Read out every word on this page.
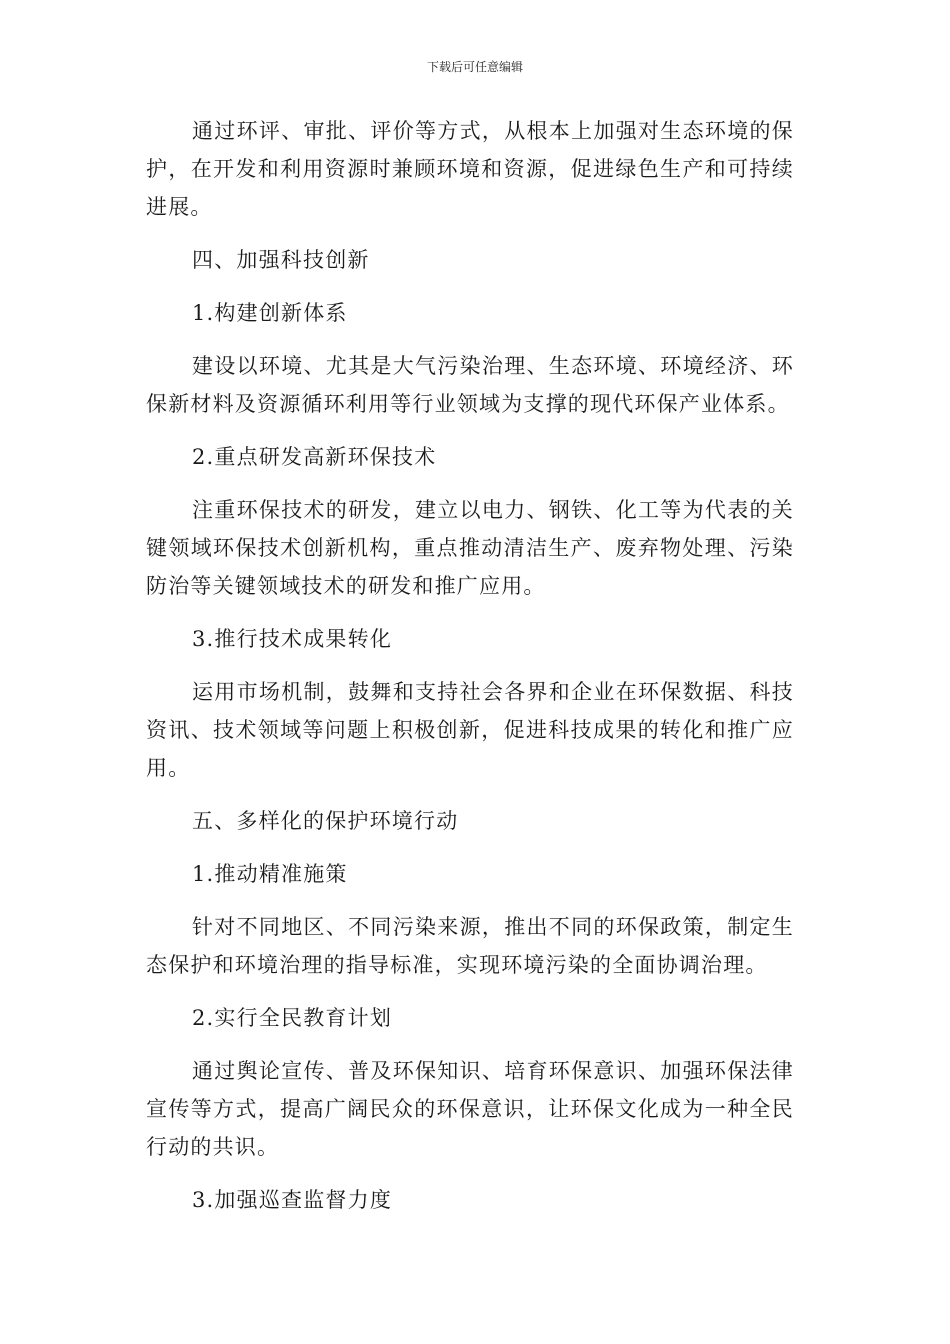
下载后可任意编辑

通过环评、审批、评价等方式，从根本上加强对生态环境的保护，在开发和利用资源时兼顾环境和资源，促进绿色生产和可持续进展。

四、加强科技创新

1.构建创新体系

建设以环境、尤其是大气污染治理、生态环境、环境经济、环保新材料及资源循环利用等行业领域为支撑的现代环保产业体系。

2.重点研发高新环保技术

注重环保技术的研发，建立以电力、钢铁、化工等为代表的关键领域环保技术创新机构，重点推动清洁生产、废弃物处理、污染防治等关键领域技术的研发和推广应用。

3.推行技术成果转化

运用市场机制，鼓舞和支持社会各界和企业在环保数据、科技资讯、技术领域等问题上积极创新，促进科技成果的转化和推广应用。

五、多样化的保护环境行动

1.推动精准施策

针对不同地区、不同污染来源，推出不同的环保政策，制定生态保护和环境治理的指导标准，实现环境污染的全面协调治理。

2.实行全民教育计划

通过舆论宣传、普及环保知识、培育环保意识、加强环保法律宣传等方式，提高广阔民众的环保意识，让环保文化成为一种全民行动的共识。

3.加强巡查监督力度
